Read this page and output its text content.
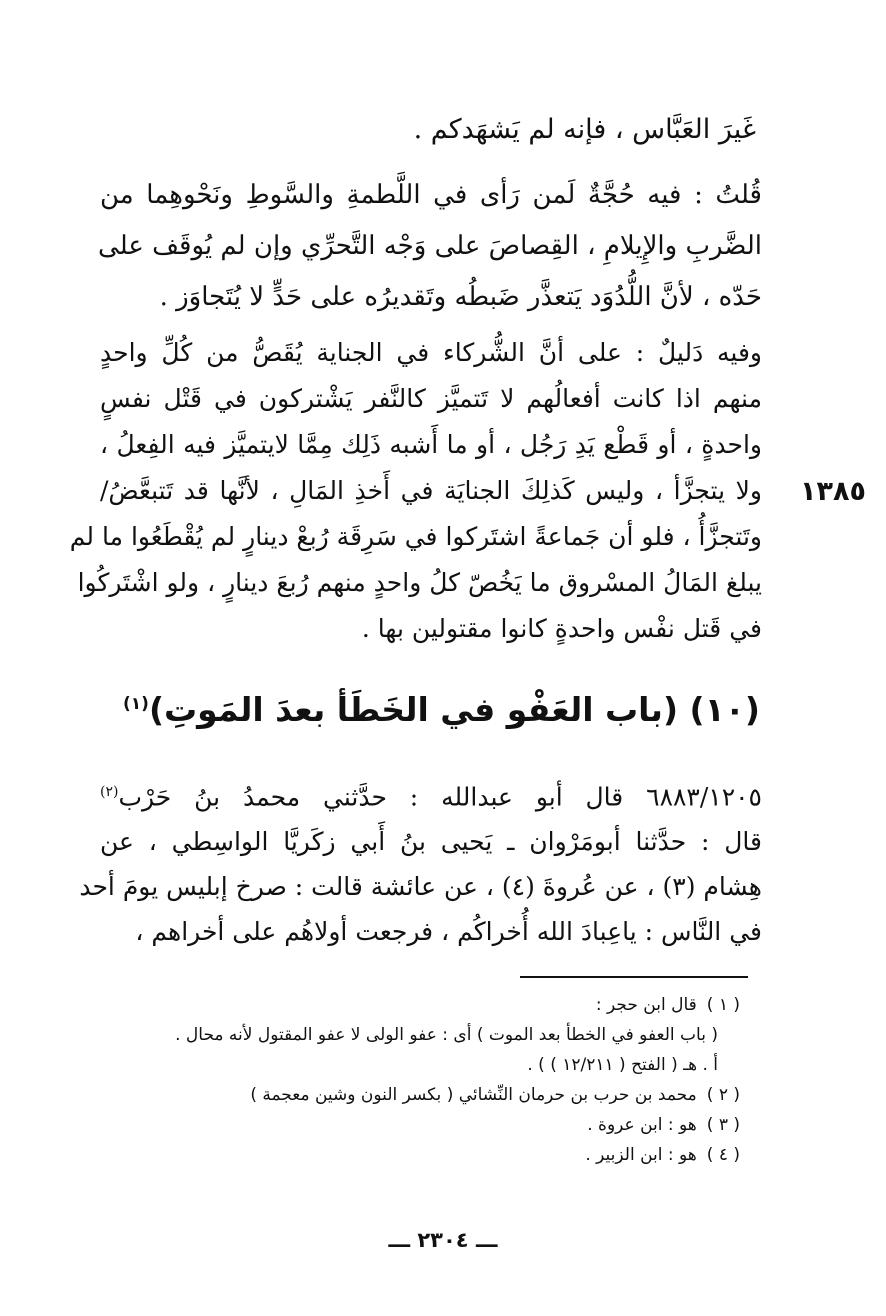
غَيرَ العَبَّاس ، فإنه لم يَشهَدكم .
قُلتُ : فيه حُجَّةٌ لَمن رَأى في اللَّطمةِ والسَّوطِ ونَحْوهِما من
الضَّربِ والإِيلامِ ، القِصاصَ على وَجْه التَّحرِّي وإن لم يُوقَف على
حَدّه ، لأنَّ اللُّدُوَد يَتعذَّر ضَبطُه وتَقديرُه على حَدٍّ لا يُتَجاوَز .
وفيه دَليلٌ : على أنَّ الشُّركاء في الجناية يُقَصُّ من كُلِّ واحدٍ
منهم اذا كانت أفعالُهم لا تَتميَّز كالنَّفر يَشْتركون في قَتْل نفسٍ
واحدةٍ ، أو قَطْع يَدِ رَجُل ، أو ما أَشبه ذَلِك مِمَّا لايتميَّز فيه الفِعلُ ،
ولا يتجزَّأ ، وليس كَذلِكَ الجنايَة في أَخذِ المَالِ ، لأنَّها قد تَتبعَّضُ/
وتَتجزَّأُ ، فلو أن جَماعةً اشتَركوا في سَرِقَة رُبعْ دينارٍ لم يُقْطَعُوا ما لم
يبلغ المَالُ المسْروق ما يَخُصّ كلُ واحدٍ منهم رُبعَ دينارٍ ، ولو اشْتَركُوا
في قَتل نفْس واحدةٍ كانوا مقتولين بها .
١٣٨٥
(١٠) (باب العَفْو في الخَطَأ بعدَ المَوتِ)$^{(١)}$
٦٨٨٣/١٢٠٥ قال أبو عبدالله : حدَّثني محمدُ بنُ حَرْب$^{(٢)}$
قال : حدَّثنا أبومَرْوان ـ يَحيى بنُ أَبي زكَريَّا الواسِطي ، عن
هِشام (٣) ، عن عُروةَ (٤) ، عن عائشة قالت : صرخ إبليس يومَ أحد
في النَّاس : ياعِبادَ الله أُخراكُم ، فرجعت أولاهُم على أخراهم ،
( ١ )قال ابن حجر :
( باب العفو في الخطأ بعد الموت ) أى : عفو الولى لا عفو المقتول لأنه محال .
أ . هـ ( الفتح ( ١٢/٢١١ ) ) .
( ٢ )محمد بن حرب بن حرمان النِّشائي ( بكسر النون وشين معجمة )
( ٣ )هو : ابن عروة .
( ٤ )هو : ابن الزبير .
ـــ ٢٣٠٤ ـــ
